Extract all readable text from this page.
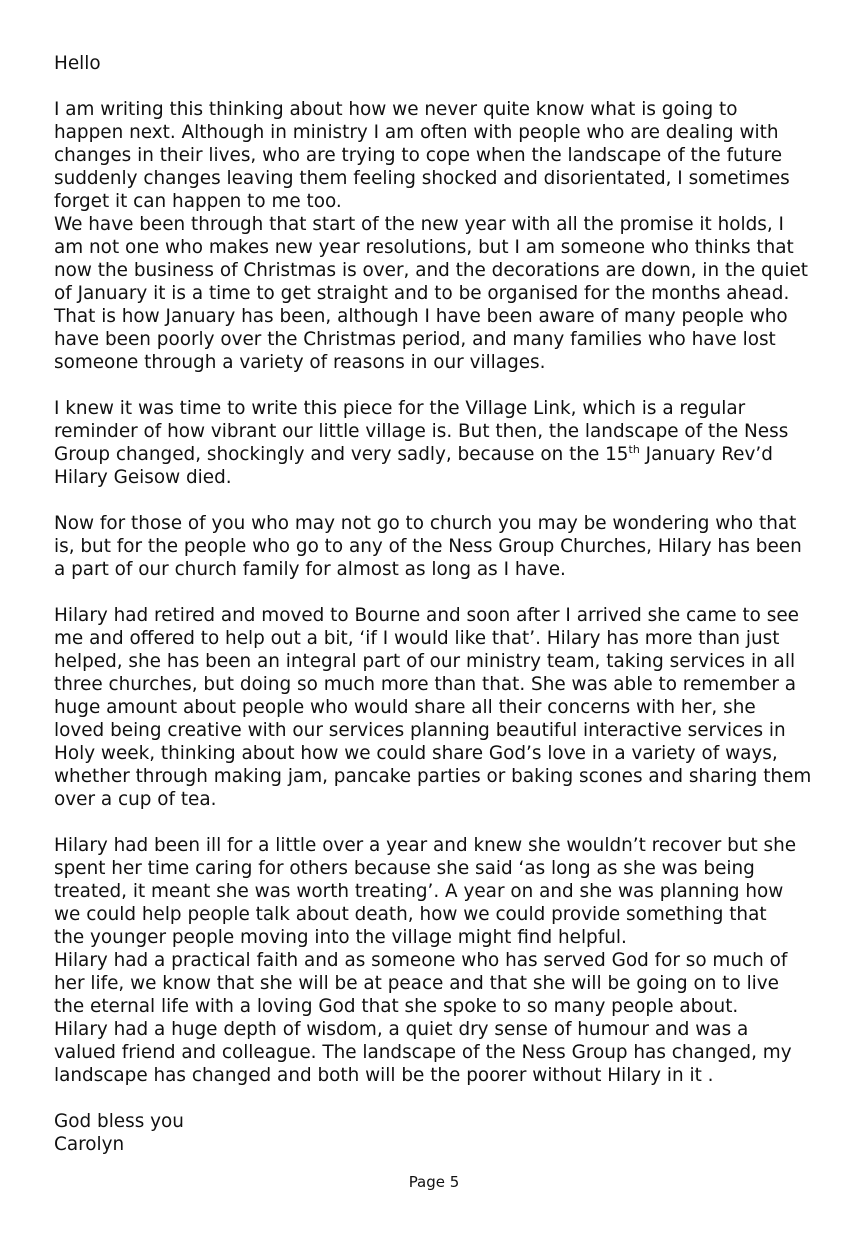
Hello

I am writing this thinking about how we never quite know what is going to
happen next. Although in ministry I am often with people who are dealing with
changes in their lives, who are trying to cope when the landscape of the future
suddenly changes leaving them feeling shocked and disorientated, I sometimes
forget it can happen to me too.

We have been through that start of the new year with all the promise it holds, I
am not one who makes new year resolutions, but I am someone who thinks that
now the business of Christmas is over, and the decorations are down, in the quiet
of January it is a time to get straight and to be organised for the months ahead.
That is how January has been, although I have been aware of many people who
have been poorly over the Christmas period, and many families who have lost
someone through a variety of reasons in our villages.

I knew it was time to write this piece for the Village Link, which is a regular
reminder of how vibrant our little village is. But then, the landscape of the Ness
Group changed, shockingly and very sadly, because on the 15th January Rev’d
Hilary Geisow died.

Now for those of you who may not go to church you may be wondering who that
is, but for the people who go to any of the Ness Group Churches, Hilary has been
a part of our church family for almost as long as I have.

Hilary had retired and moved to Bourne and soon after I arrived she came to see
me and offered to help out a bit, ‘if I would like that’. Hilary has more than just
helped, she has been an integral part of our ministry team, taking services in all
three churches, but doing so much more than that. She was able to remember a
huge amount about people who would share all their concerns with her, she
loved being creative with our services planning beautiful interactive services in
Holy week, thinking about how we could share God’s love in a variety of ways,
whether through making jam, pancake parties or baking scones and sharing them
over a cup of tea.

Hilary had been ill for a little over a year and knew she wouldn’t recover but she
spent her time caring for others because she said ‘as long as she was being
treated, it meant she was worth treating’. A year on and she was planning how
we could help people talk about death, how we could provide something that
the younger people moving into the village might find helpful.

Hilary had a practical faith and as someone who has served God for so much of
her life, we know that she will be at peace and that she will be going on to live
the eternal life with a loving God that she spoke to so many people about.
Hilary had a huge depth of wisdom, a quiet dry sense of humour and was a
valued friend and colleague. The landscape of the Ness Group has changed, my
landscape has changed and both will be the poorer without Hilary in it .

God bless you

Carolyn

Page 5
